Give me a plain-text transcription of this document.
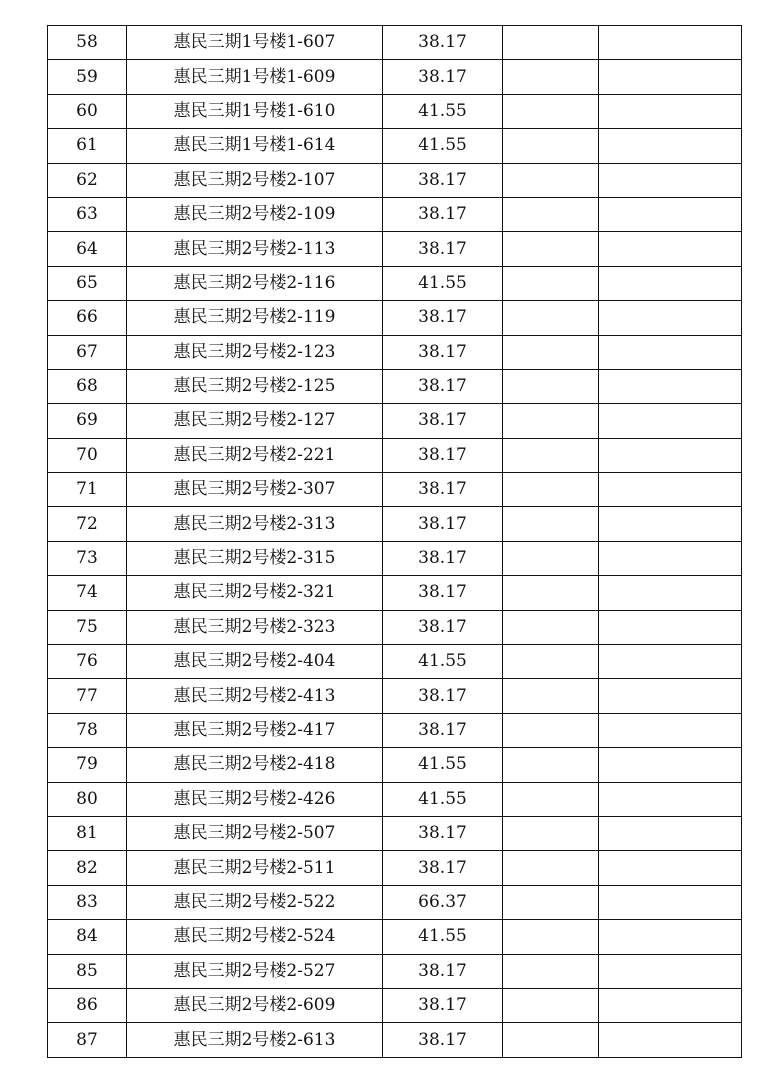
58	惠民三期1号楼1-607	38.17		
59	惠民三期1号楼1-609	38.17		
60	惠民三期1号楼1-610	41.55		
61	惠民三期1号楼1-614	41.55		
62	惠民三期2号楼2-107	38.17		
63	惠民三期2号楼2-109	38.17		
64	惠民三期2号楼2-113	38.17		
65	惠民三期2号楼2-116	41.55		
66	惠民三期2号楼2-119	38.17		
67	惠民三期2号楼2-123	38.17		
68	惠民三期2号楼2-125	38.17		
69	惠民三期2号楼2-127	38.17		
70	惠民三期2号楼2-221	38.17		
71	惠民三期2号楼2-307	38.17		
72	惠民三期2号楼2-313	38.17		
73	惠民三期2号楼2-315	38.17		
74	惠民三期2号楼2-321	38.17		
75	惠民三期2号楼2-323	38.17		
76	惠民三期2号楼2-404	41.55		
77	惠民三期2号楼2-413	38.17		
78	惠民三期2号楼2-417	38.17		
79	惠民三期2号楼2-418	41.55		
80	惠民三期2号楼2-426	41.55		
81	惠民三期2号楼2-507	38.17		
82	惠民三期2号楼2-511	38.17		
83	惠民三期2号楼2-522	66.37		
84	惠民三期2号楼2-524	41.55		
85	惠民三期2号楼2-527	38.17		
86	惠民三期2号楼2-609	38.17		
87	惠民三期2号楼2-613	38.17		
